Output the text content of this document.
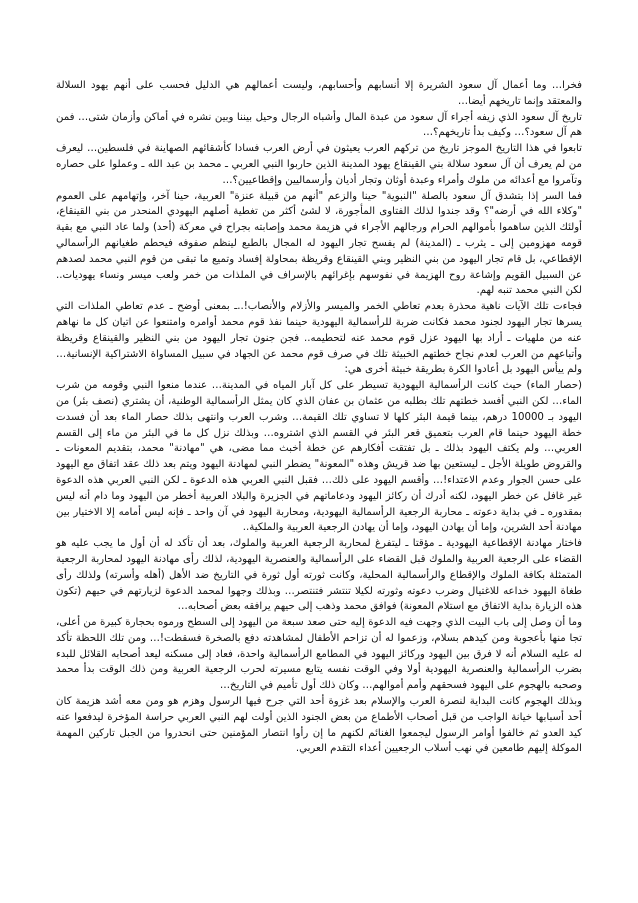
فخرا… وما أعمال آل سعود الشريرة إلا أنسابهم وأحسابهم، وليست أعمالهم هي الدليل فحسب على أنهم يهود السلالة والمعتقد وإنما تاريخهم أيضا…
تاريخ آل سعود الذي زيفه أجراء آل سعود من عبدة المال وأشباه الرجال وحيل بيننا وبين نشره في أماكن وأزمان شتى… فمن هم آل سعود؟… وكيف بدأ تاريخهم؟…
تابعوا في هذا التاريخ الموجز تاريخ من تركهم العرب يعيثون في أرض العرب فسادا كأشقائهم الصهاينة في فلسطين… ليعرف من لم يعرف أن آل سعود سلالة بني القينقاع يهود المدينة الذين حاربوا النبي العربي ـ محمد بن عبد الله ـ وعملوا على حصاره وتآمروا مع أعدائه من ملوك وأمراء وعبدة أوثان وتجار أديان وأرسماليين وإقطاعيين؟…
فما السر إذا بتشدق آل سعود بالصلة "النبوية" حينا والزعم "أنهم من قبيلة عنزة" العربية، حينا آخر، وإتهامهم على العموم "وكلاء الله في أرضه"؟ وقد جندوا لذلك الفتاوى المأجورة، لا لشئ أكثر من تغطية أصلهم اليهودي المنحدر من بني القينقاع، أولئك الذين ساهموا بأموالهم الحرام ورجالهم الأجراء في هزيمة محمد وإصابته بجراح في معركة (أحد) ولما عاد النبي مع بقية قومه مهزومين إلى ـ يثرب ـ (المدينة) لم يفسح تجار اليهود له المجال بالطبع لينظم صفوفه فيحطم طغيانهم الرأسمالي الإقطاعي، بل قام تجار اليهود من بني النظير وبني القينقاع وقريظة بمحاولة إفساد وتميع ما تبقى من قوم النبي محمد لصدهم عن السبيل القويم وإشاعة روح الهزيمة في نفوسهم بإغرائهم بالإسراف في الملذات من خمر ولعب ميسر ونساء يهوديات.. لكن النبي محمد تنبه لهم.
فجاءت تلك الآيات ناهية محذرة بعدم تعاطي الخمر والميسر والأزلام والأنصاب!..ـ بمعنى أوضح ـ عدم تعاطي الملذات التي يسرها تجار اليهود لجنود محمد فكانت ضربة للرأسمالية اليهودية حينما نفذ قوم محمد أوامره وامتنعوا عن اتيان كل ما نهاهم عنه من ملهيات ـ أراد بها اليهود عزل قوم محمد عنه لتحطيمه.. فجن جنون تجار اليهود من بني النظير والقينقاع وقريظة وأتباعهم من العرب لعدم نجاح خطتهم الخبيثة تلك في صرف قوم محمد عن الجهاد في سبيل المساواة الاشتراكية الإنسانية… ولم ييأس اليهود بل أعادوا الكرة بطريقة خبيثة أخرى هي:
(حصار الماء) حيث كانت الرأسمالية اليهودية تسيطر على كل آبار المياه في المدينة… عندما منعوا النبي وقومه من شرب الماء… لكن النبي أفسد خطتهم تلك بطلبه من عثمان بن عفان الذي كان يمثل الرأسمالية الوطنية، أن يشتري (نصف بئر) من اليهود بـ 10000 درهم، بينما قيمة البئر كلها لا تساوي تلك القيمة… وشرب العرب وانتهى بذلك حصار الماء بعد أن فسدت خطة اليهود حينما قام العرب بتعميق قعر البئر في القسم الذي اشتروه… وبذلك نزل كل ما في البئر من ماء إلى القسم العربي… ولم يكتف اليهود بذلك ـ بل تفتقت أفكارهم عن خطة أخبث مما مضى، هي "مهادنة" محمد، بتقديم المعونات ـ والقروض طويلة الأجل ـ ليستعين بها ضد قريش وهذه "المعونة" يضطر النبي لمهادنة اليهود ويتم بعد ذلك عقد اتفاق مع اليهود على حسن الجوار وعدم الاعتداء!… وأقسم اليهود على ذلك… فقبل النبي العربي هذه الدعوة ـ لكن النبي العربي هذه الدعوة غير غافل عن خطر اليهود، لكنه أدرك أن ركائز اليهود ودعاماتهم في الجزيرة والبلاد العربية أخطر من اليهود وما دام أنه ليس بمقدوره ـ في بداية دعوته ـ محاربة الرجعية الرأسمالية اليهودية، ومحاربة اليهود في آن واحد ـ فإنه ليس أمامه إلا الاختيار بين مهادنة أحد الشرين، وإما أن يهادن اليهود، وإما أن يهادن الرجعية العربية والملكية..
فاختار مهادنة الإقطاعية اليهودية ـ مؤقتا ـ ليتفرغ لمحاربة الرجعية العربية والملوك، بعد أن تأكد له أن أول ما يجب عليه هو القضاء على الرجعية العربية والملوك قبل القضاء على الرأسمالية والعنصرية اليهودية، لذلك رأى مهادنة اليهود لمحاربة الرجعية المتمثلة بكافة الملوك والإقطاع والرأسمالية المحلية، وكانت ثورته أول ثورة في التاريخ ضد الأهل (أهله وأسرته) ولذلك رأى طغاة اليهود خداعه للاغتيال وضرب دعوته وثورته لكيلا تنتشر فتنتصر… وبذلك وجهوا لمحمد الدعوة لزيارتهم في حيهم (تكون هذه الزيارة بداية الاتفاق مع استلام المعونة) فوافق محمد وذهب إلى حيهم يرافقه بعض أصحابه…
وما أن وصل إلى باب البيت الذي وجهت فيه الدعوة إليه حتى صعد سبعة من اليهود إلى السطح ورموه بحجارة كبيرة من أعلى، تجا منها بأعجوبة ومن كيدهم بسلام، وزعموا له أن تزاحم الأطفال لمشاهدته دفع بالصخرة فسقطت!… ومن تلك اللحظة تأكد له عليه السلام أنه لا فرق بين اليهود وركائز اليهود في المطامع الرأسمالية واحدة، فعاد إلى مسكنه ليعد أصحابه القلائل للبدء بضرب الرأسمالية والعنصرية اليهودية أولا وفي الوقت نفسه يتابع مسيرته لحرب الرجعية العربية ومن ذلك الوقت بدأ محمد وصحبه بالهجوم على اليهود فسحقهم وأمم أموالهم… وكان ذلك أول تأميم في التاريخ…
وبذلك الهجوم كانت البداية لنصرة العرب والإسلام بعد غزوة أحد التي جرح فيها الرسول وهزم هو ومن معه أشد هزيمة كان أحد أسبابها خيانة الواجب من قبل أصحاب الأطماع من بعض الجنود الذين أولت لهم النبي العربي حراسة المؤخرة ليدفعوا عنه كيد العدو ثم خالفوا أوامر الرسول ليجمعوا الغنائم لكنهم ما إن رأوا انتصار المؤمنين حتى انحدروا من الجبل تاركين المهمة الموكلة إليهم طامعين في نهب أسلاب الرجعيين أعداء التقدم العربي.
